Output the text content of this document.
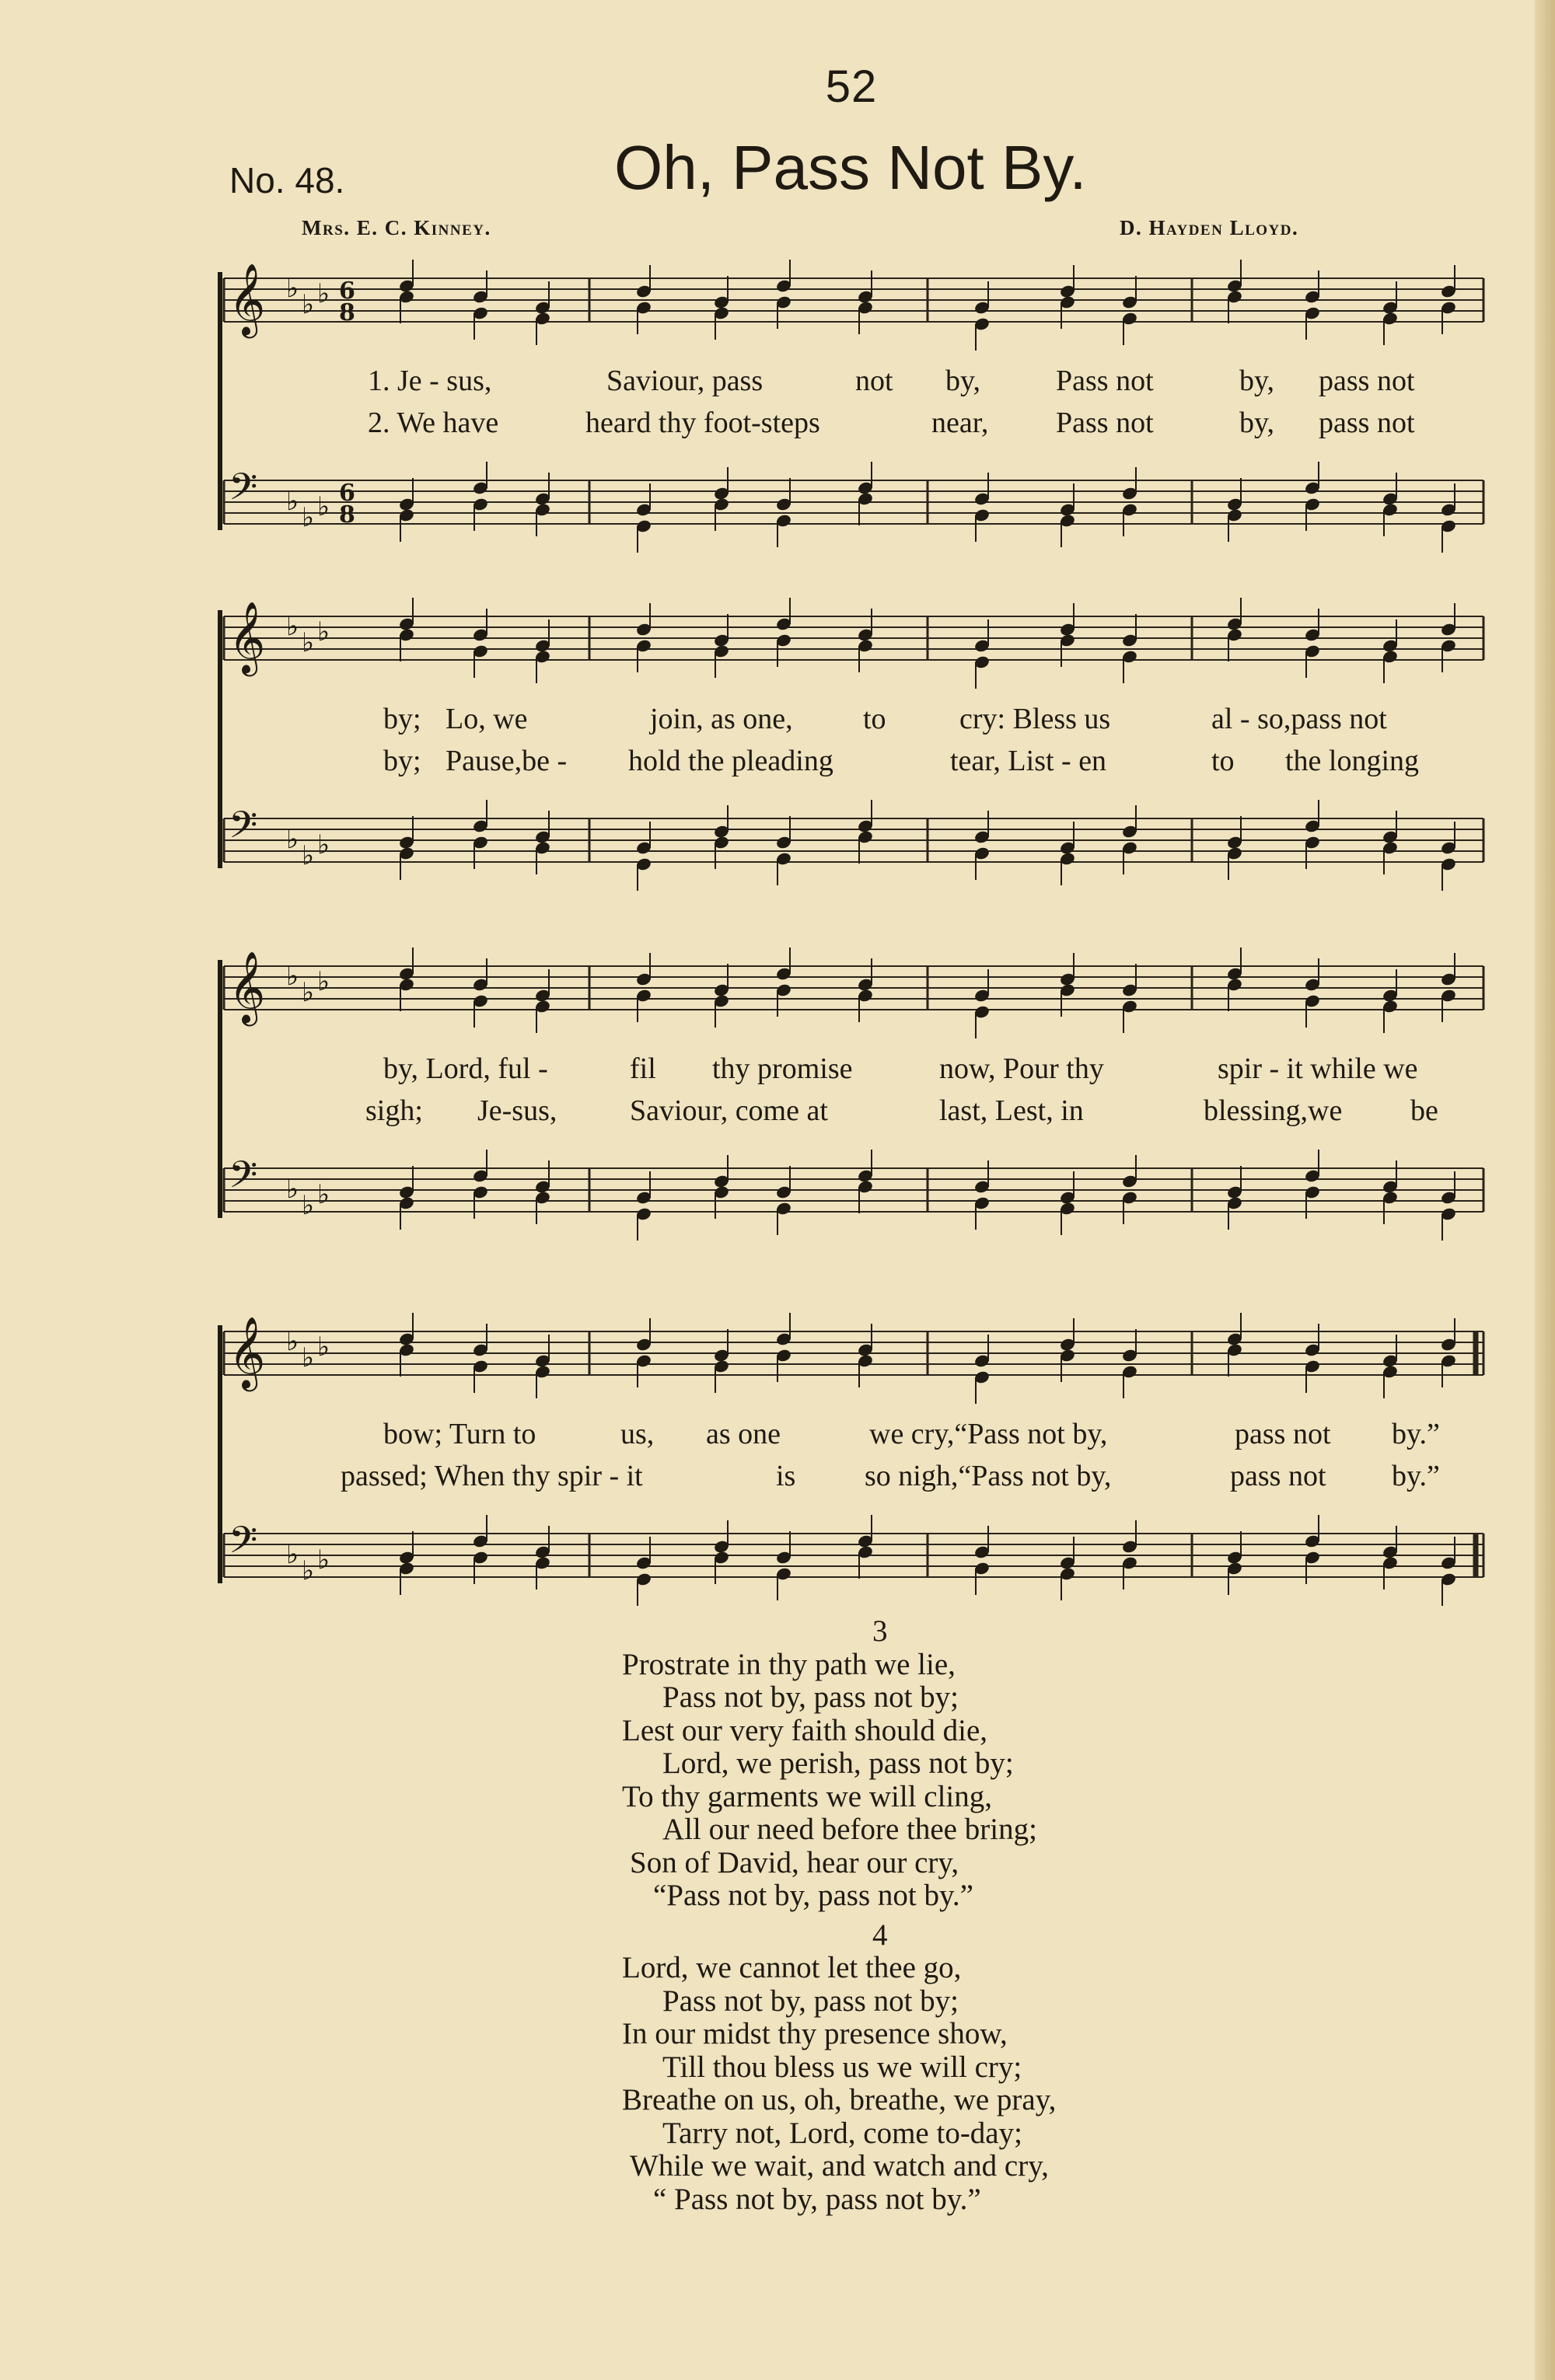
52
No. 48.	Oh, Pass Not By.
Mrs. E. C. Kinney.	D. Hayden Lloyd.
𝄞 ♭
♭ ♭ 6
8
1. Je - sus,	Saviour, pass	not by,	Pass not	by, pass not
2. We have	heard thy foot-steps	near, Pass not	by, pass not
𝄢 ♭
♭ ♭ 6
8
𝄞 ♭
♭ ♭
by; Lo, we	join, as one, to cry: Bless us	al - so,pass not
by; Pause,be - hold the pleading	tear, List - en	to the longing
𝄢 ♭
♭ ♭
𝄞 ♭
♭ ♭
by, Lord, ful -	fil thy promise	now, Pour thy	spir - it while we
sigh; Je-sus, Saviour, come at	last, Lest, in	blessing,we be
𝄢 ♭
♭ ♭
𝄞 ♭
♭ ♭
bow; Turn to	us, as one	we cry,“Pass not by,	pass not by.”
passed; When thy spir - it	is so nigh,“Pass not by,	pass not by.”
𝄢 ♭
♭ ♭
3
Prostrate in thy path we lie,
Pass not by, pass not by;
Lest our very faith should die,
Lord, we perish, pass not by;
To thy garments we will cling,
All our need before thee bring;
Son of David, hear our cry,
“Pass not by, pass not by.”
4
Lord, we cannot let thee go,
Pass not by, pass not by;
In our midst thy presence show,
Till thou bless us we will cry;
Breathe on us, oh, breathe, we pray,
Tarry not, Lord, come to-day;
While we wait, and watch and cry,
“ Pass not by, pass not by.”
